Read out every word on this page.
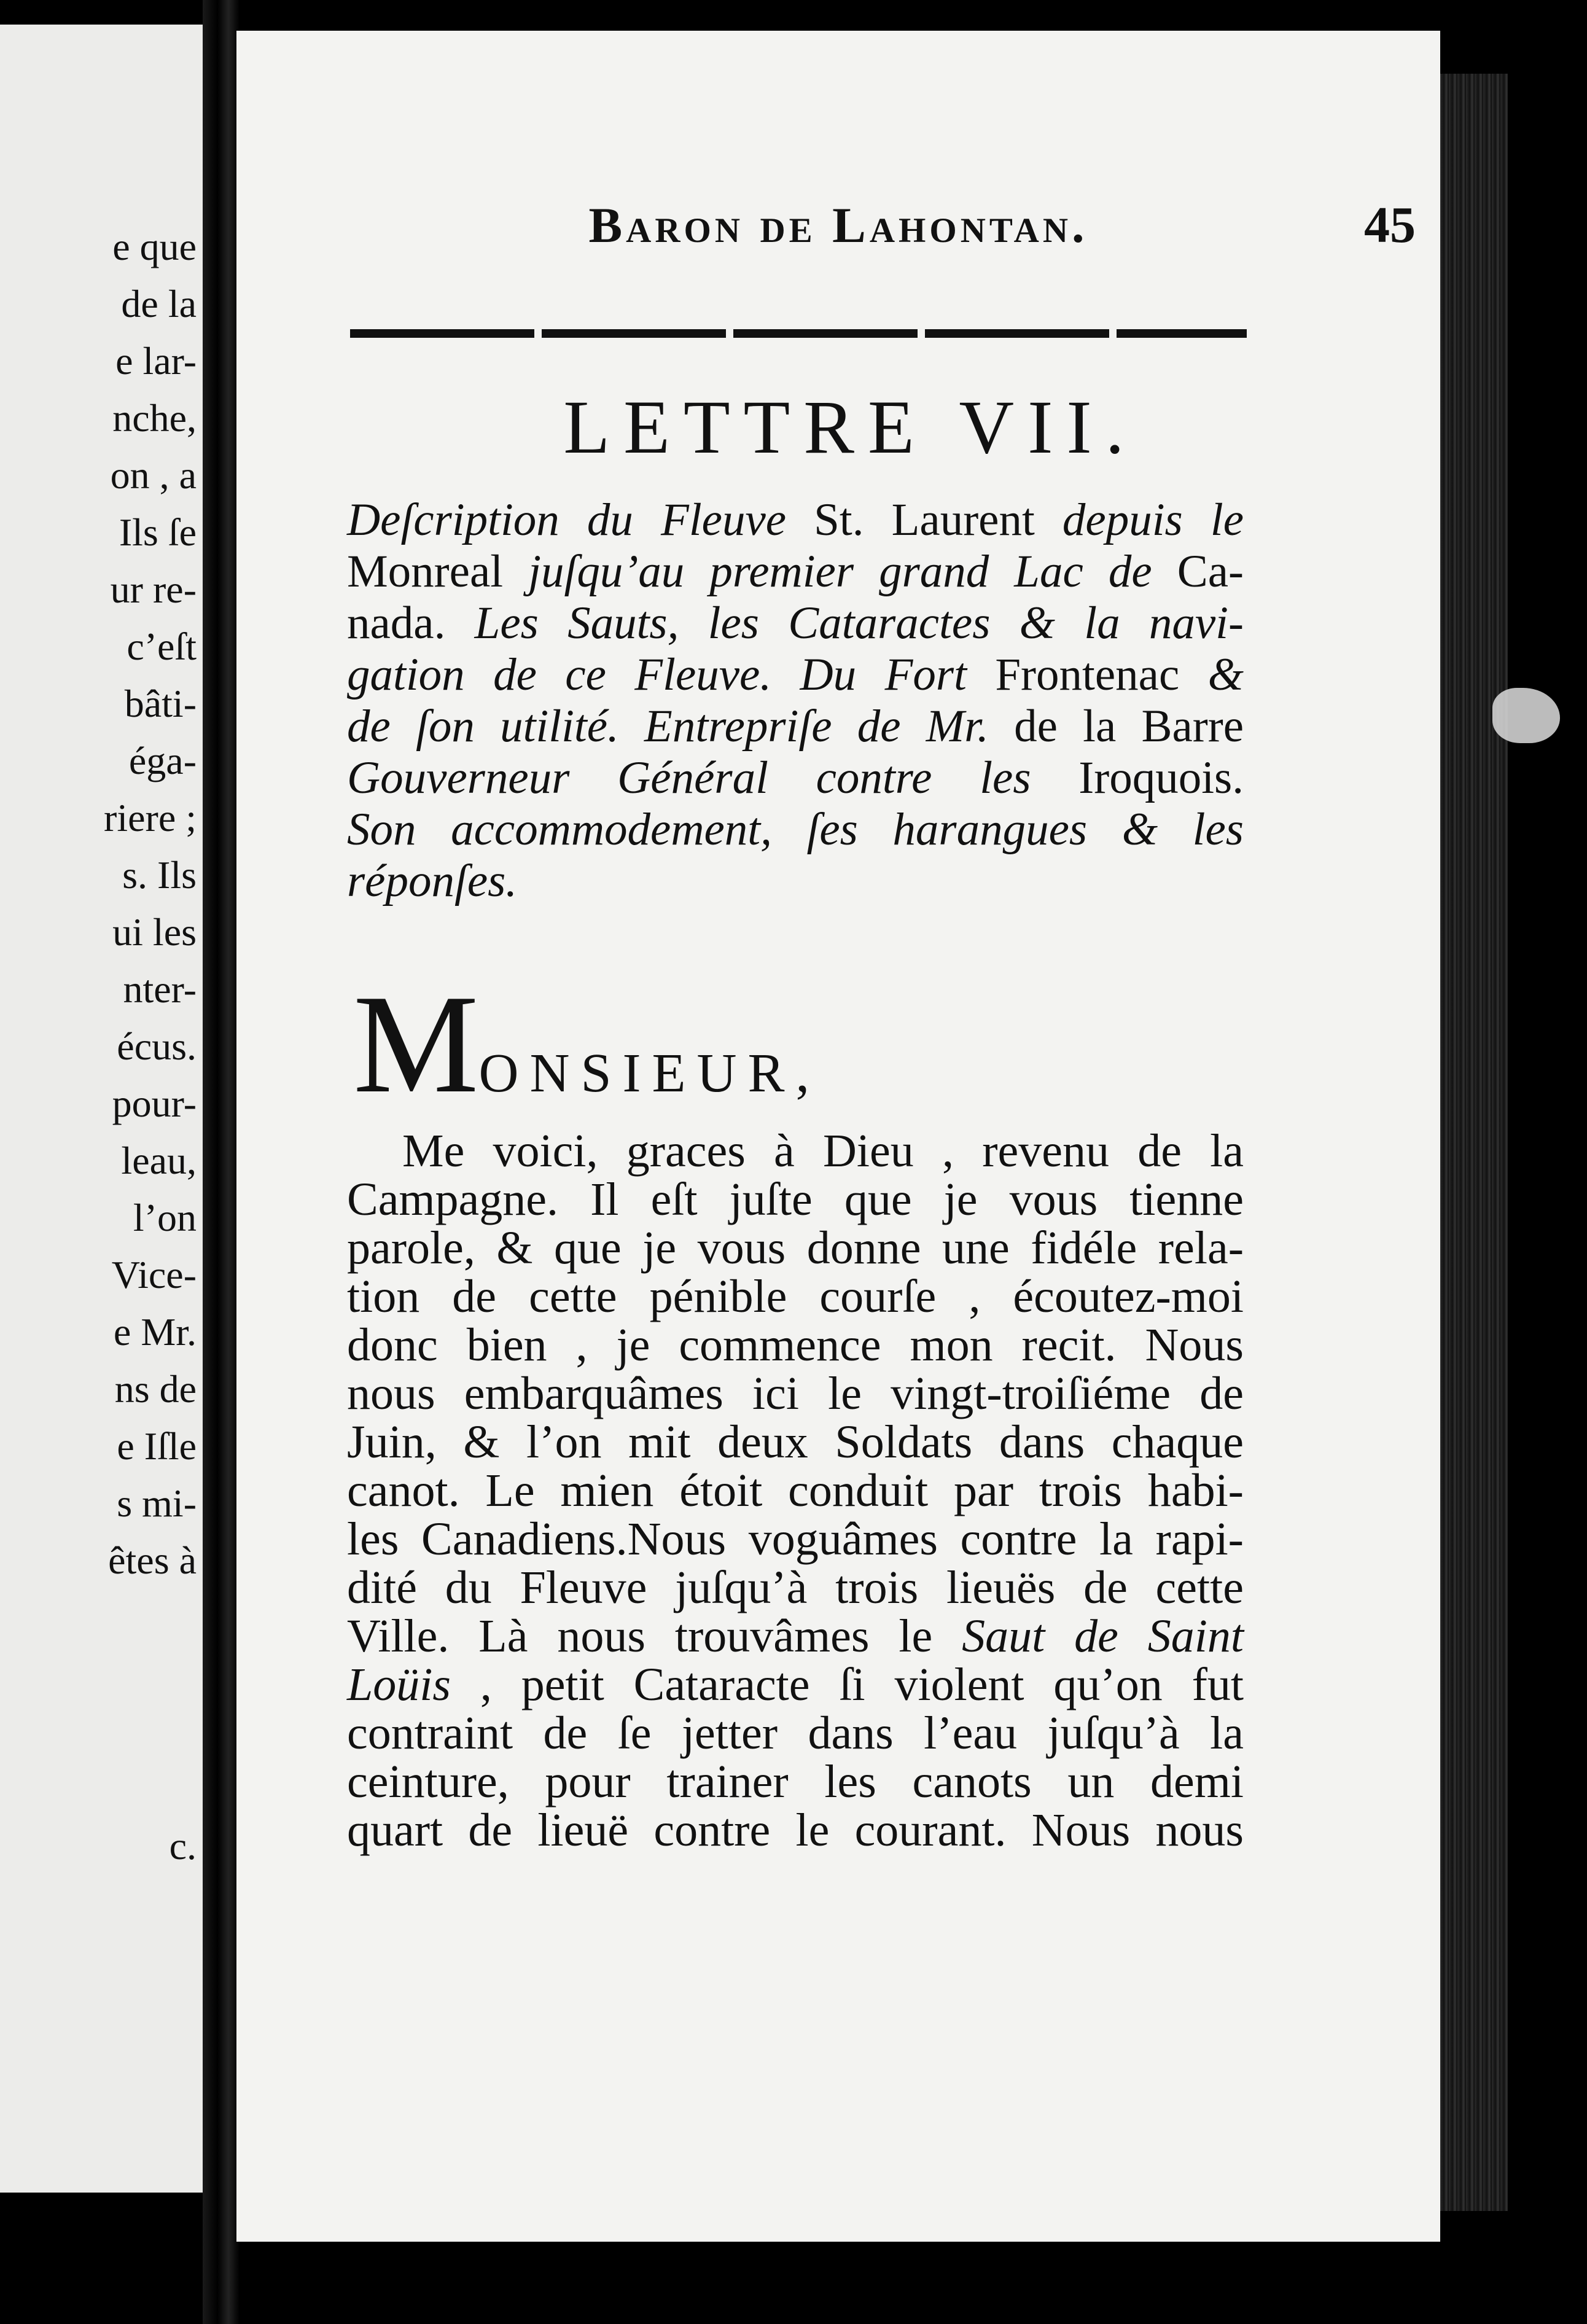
e que
de la
e lar-
nche,
on , a
Ils ſe
ur re-
c’eſt
bâti-
éga-
riere ;
s. Ils
ui les
nter-
écus.
pour-
leau,
l’on
Vice-
e Mr.
ns de
e Iſle
s mi-
êtes à
c.
Baron de Lahontan.	45
LETTRE VII.
Deſcription du Fleuve St. Laurent depuis le
Monreal juſqu’au premier grand Lac de Ca-
nada. Les Sauts, les Cataractes & la navi-
gation de ce Fleuve. Du Fort Frontenac &
de ſon utilité. Entrepriſe de Mr. de la Barre
Gouverneur Général contre les Iroquois.
Son accommodement, ſes harangues & les
réponſes.
MONSIEUR,
Me voici, graces à Dieu , revenu de la
Campagne. Il eſt juſte que je vous tienne
parole, & que je vous donne une fidéle rela-
tion de cette pénible courſe , écoutez-moi
donc bien , je commence mon recit. Nous
nous embarquâmes ici le vingt-troiſiéme de
Juin, & l’on mit deux Soldats dans chaque
canot. Le mien étoit conduit par trois habi-
les Canadiens.Nous voguâmes contre la rapi-
dité du Fleuve juſqu’à trois lieuës de cette
Ville. Là nous trouvâmes le Saut de Saint
Loüis , petit Cataracte ſi violent qu’on fut
contraint de ſe jetter dans l’eau juſqu’à la
ceinture, pour trainer les canots un demi
quart de lieuë contre le courant. Nous nous
